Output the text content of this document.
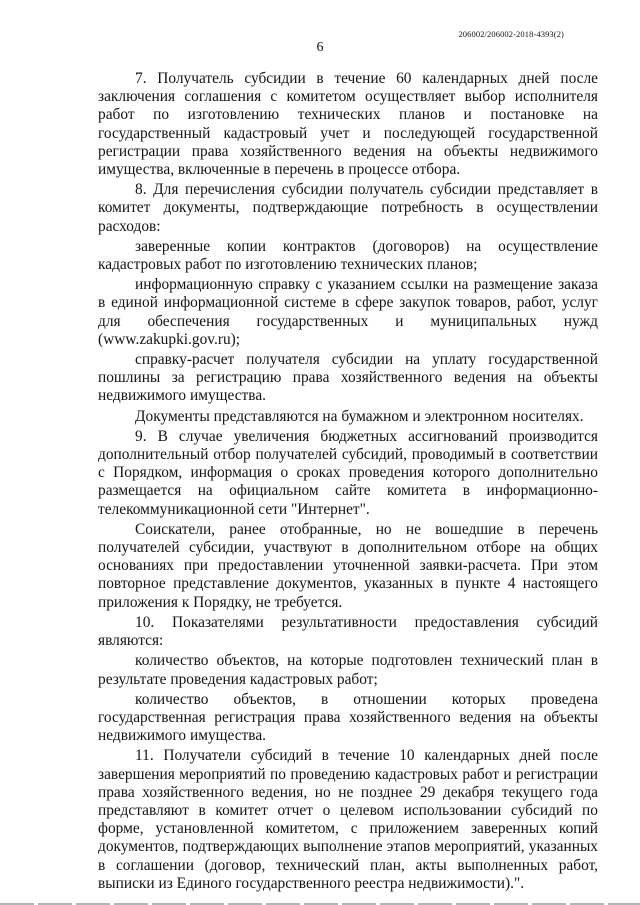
206002/206002-2018-4393(2)
6

7. Получатель субсидии в течение 60 календарных дней после заключения соглашения с комитетом осуществляет выбор исполнителя работ по изготовлению технических планов и постановке на государственный кадастровый учет и последующей государственной регистрации права хозяйственного ведения на объекты недвижимого имущества, включенные в перечень в процессе отбора.

8. Для перечисления субсидии получатель субсидии представляет в комитет документы, подтверждающие потребность в осуществлении расходов:

заверенные копии контрактов (договоров) на осуществление кадастровых работ по изготовлению технических планов;

информационную справку с указанием ссылки на размещение заказа в единой информационной системе в сфере закупок товаров, работ, услуг для обеспечения государственных и муниципальных нужд (www.zakupki.gov.ru);

справку-расчет получателя субсидии на уплату государственной пошлины за регистрацию права хозяйственного ведения на объекты недвижимого имущества.

Документы представляются на бумажном и электронном носителях.

9. В случае увеличения бюджетных ассигнований производится дополнительный отбор получателей субсидий, проводимый в соответствии с Порядком, информация о сроках проведения которого дополнительно размещается на официальном сайте комитета в информационно-телекоммуникационной сети "Интернет".

Соискатели, ранее отобранные, но не вошедшие в перечень получателей субсидии, участвуют в дополнительном отборе на общих основаниях при предоставлении уточненной заявки-расчета. При этом повторное представление документов, указанных в пункте 4 настоящего приложения к Порядку, не требуется.

10. Показателями результативности предоставления субсидий являются:

количество объектов, на которые подготовлен технический план в результате проведения кадастровых работ;

количество объектов, в отношении которых проведена государственная регистрация права хозяйственного ведения на объекты недвижимого имущества.

11. Получатели субсидий в течение 10 календарных дней после завершения мероприятий по проведению кадастровых работ и регистрации права хозяйственного ведения, но не позднее 29 декабря текущего года представляют в комитет отчет о целевом использовании субсидий по форме, установленной комитетом, с приложением заверенных копий документов, подтверждающих выполнение этапов мероприятий, указанных в соглашении (договор, технический план, акты выполненных работ, выписки из Единого государственного реестра недвижимости).".
